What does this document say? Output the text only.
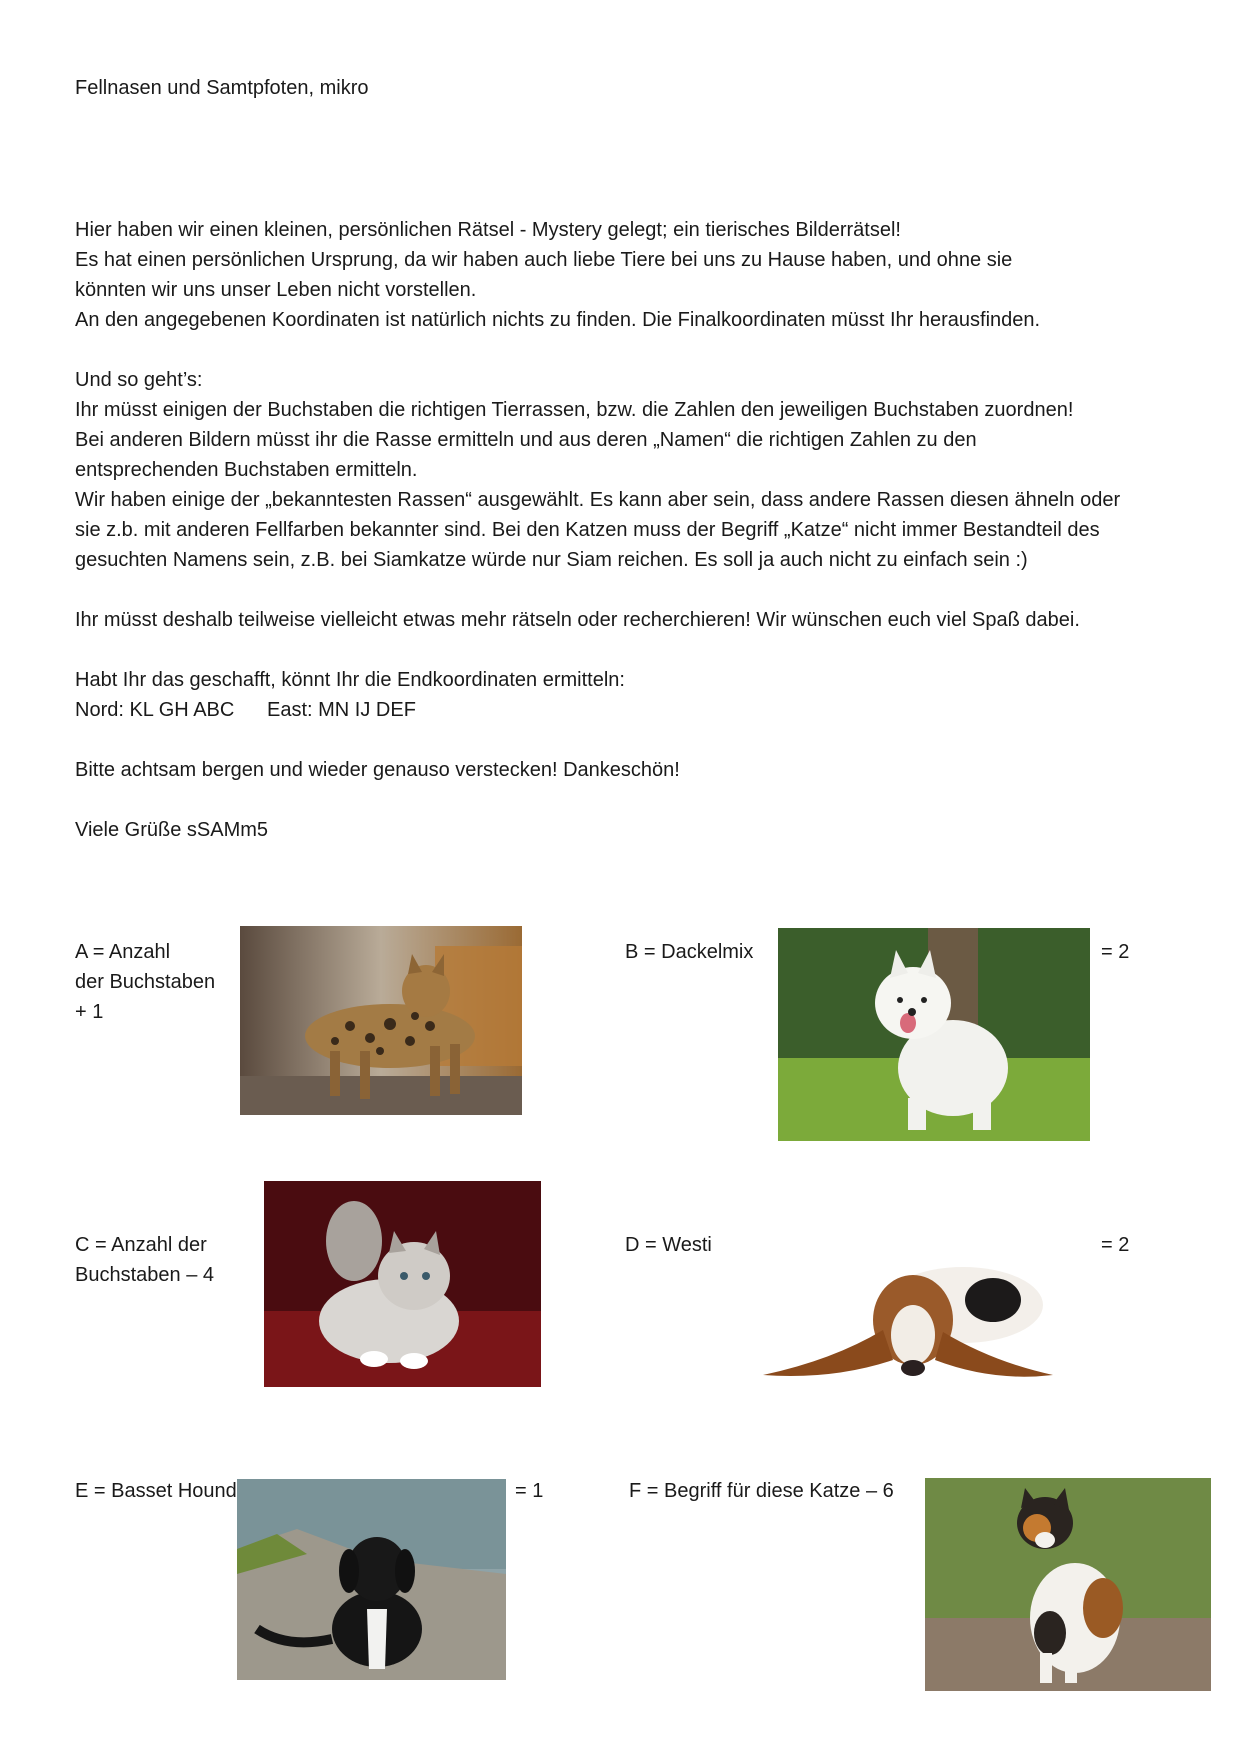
Fellnasen und Samtpfoten, mikro

Hier haben wir einen kleinen, persönlichen Rätsel - Mystery gelegt; ein tierisches Bilderrätsel!
Es hat einen persönlichen Ursprung, da wir haben auch liebe Tiere bei uns zu Hause haben, und ohne sie
könnten wir uns unser Leben nicht vorstellen.
An den angegebenen Koordinaten ist natürlich nichts zu finden. Die Finalkoordinaten müsst Ihr herausfinden.
Und so geht’s:
Ihr müsst einigen der Buchstaben die richtigen Tierrassen, bzw. die Zahlen den jeweiligen Buchstaben zuordnen!
Bei anderen Bildern müsst ihr die Rasse ermitteln und aus deren „Namen“ die richtigen Zahlen zu den
entsprechenden Buchstaben ermitteln.
Wir haben einige der „bekanntesten Rassen“ ausgewählt. Es kann aber sein, dass andere Rassen diesen ähneln oder
sie z.b. mit anderen Fellfarben bekannter sind. Bei den Katzen muss der Begriff „Katze“ nicht immer Bestandteil des
gesuchten Namens sein, z.B. bei Siamkatze würde nur Siam reichen. Es soll ja auch nicht zu einfach sein :)

Ihr müsst deshalb teilweise vielleicht etwas mehr rätseln oder recherchieren! Wir wünschen euch viel Spaß dabei.

Habt Ihr das geschafft, könnt Ihr die Endkoordinaten ermitteln:

Nord: KL GH ABC East: MN IJ DEF

Bitte achtsam bergen und wieder genauso verstecken! Dankeschön!

Viele Grüße sSAMm5

A = Anzahl

der Buchstaben

+ 1

B = Dackelmix	= 2

C = Anzahl der

Buchstaben – 4

D = Westi	= 2

E = Basset Hound	= 1	F = Begriff für diese Katze – 6
